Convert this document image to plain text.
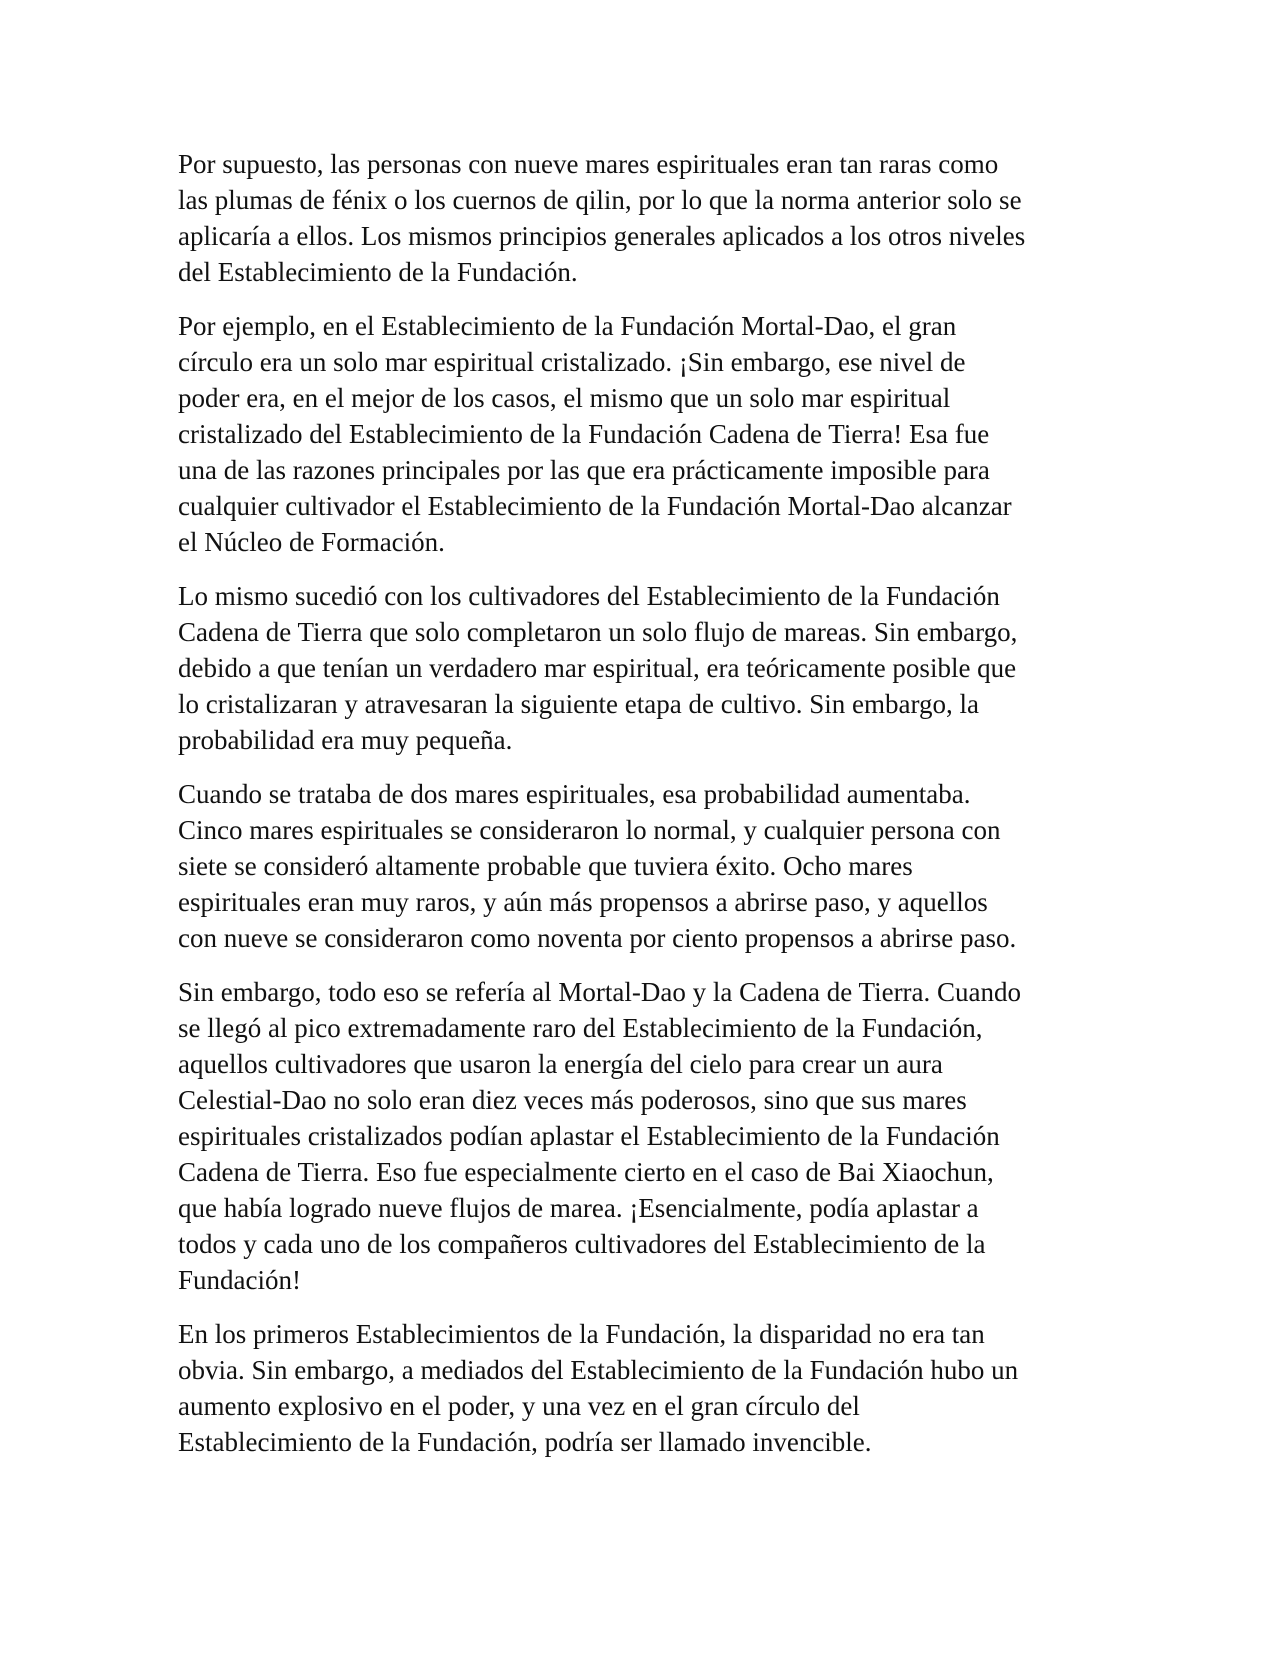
Por supuesto, las personas con nueve mares espirituales eran tan raras como
las plumas de fénix o los cuernos de qilin, por lo que la norma anterior solo se
aplicaría a ellos. Los mismos principios generales aplicados a los otros niveles
del Establecimiento de la Fundación.

Por ejemplo, en el Establecimiento de la Fundación Mortal-Dao, el gran
círculo era un solo mar espiritual cristalizado. ¡Sin embargo, ese nivel de
poder era, en el mejor de los casos, el mismo que un solo mar espiritual
cristalizado del Establecimiento de la Fundación Cadena de Tierra! Esa fue
una de las razones principales por las que era prácticamente imposible para
cualquier cultivador el Establecimiento de la Fundación Mortal-Dao alcanzar
el Núcleo de Formación.

Lo mismo sucedió con los cultivadores del Establecimiento de la Fundación
Cadena de Tierra que solo completaron un solo flujo de mareas. Sin embargo,
debido a que tenían un verdadero mar espiritual, era teóricamente posible que
lo cristalizaran y atravesaran la siguiente etapa de cultivo. Sin embargo, la
probabilidad era muy pequeña.

Cuando se trataba de dos mares espirituales, esa probabilidad aumentaba.
Cinco mares espirituales se consideraron lo normal, y cualquier persona con
siete se consideró altamente probable que tuviera éxito. Ocho mares
espirituales eran muy raros, y aún más propensos a abrirse paso, y aquellos
con nueve se consideraron como noventa por ciento propensos a abrirse paso.

Sin embargo, todo eso se refería al Mortal-Dao y la Cadena de Tierra. Cuando
se llegó al pico extremadamente raro del Establecimiento de la Fundación,
aquellos cultivadores que usaron la energía del cielo para crear un aura
Celestial-Dao no solo eran diez veces más poderosos, sino que sus mares
espirituales cristalizados podían aplastar el Establecimiento de la Fundación
Cadena de Tierra. Eso fue especialmente cierto en el caso de Bai Xiaochun,
que había logrado nueve flujos de marea. ¡Esencialmente, podía aplastar a
todos y cada uno de los compañeros cultivadores del Establecimiento de la
Fundación!

En los primeros Establecimientos de la Fundación, la disparidad no era tan
obvia. Sin embargo, a mediados del Establecimiento de la Fundación hubo un
aumento explosivo en el poder, y una vez en el gran círculo del
Establecimiento de la Fundación, podría ser llamado invencible.
